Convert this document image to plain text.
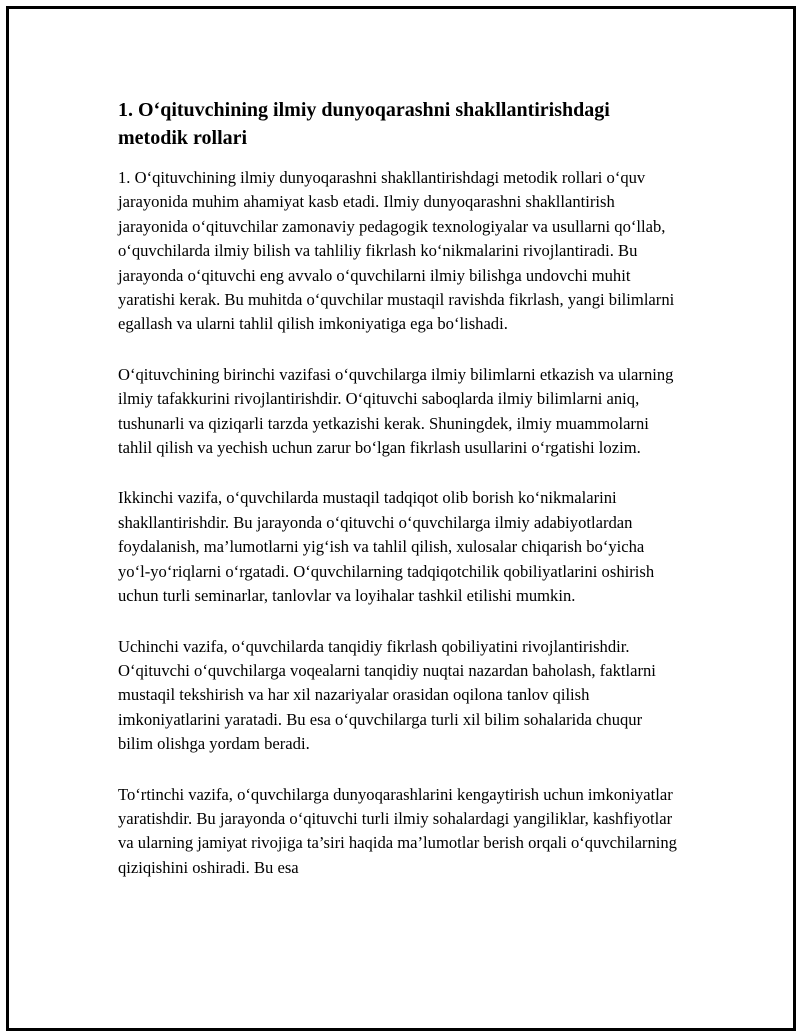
1. O‘qituvchining ilmiy dunyoqarashni shakllantirishdagi metodik rollari

1. O‘qituvchining ilmiy dunyoqarashni shakllantirishdagi metodik rollari o‘quv jarayonida muhim ahamiyat kasb etadi. Ilmiy dunyoqarashni shakllantirish jarayonida o‘qituvchilar zamonaviy pedagogik texnologiyalar va usullarni qo‘llab, o‘quvchilarda ilmiy bilish va tahliliy fikrlash ko‘nikmalarini rivojlantiradi. Bu jarayonda o‘qituvchi eng avvalo o‘quvchilarni ilmiy bilishga undovchi muhit yaratishi kerak. Bu muhitda o‘quvchilar mustaqil ravishda fikrlash, yangi bilimlarni egallash va ularni tahlil qilish imkoniyatiga ega bo‘lishadi.

O‘qituvchining birinchi vazifasi o‘quvchilarga ilmiy bilimlarni etkazish va ularning ilmiy tafakkurini rivojlantirishdir. O‘qituvchi saboqlarda ilmiy bilimlarni aniq, tushunarli va qiziqarli tarzda yetkazishi kerak. Shuningdek, ilmiy muammolarni tahlil qilish va yechish uchun zarur bo‘lgan fikrlash usullarini o‘rgatishi lozim.

Ikkinchi vazifa, o‘quvchilarda mustaqil tadqiqot olib borish ko‘nikmalarini shakllantirishdir. Bu jarayonda o‘qituvchi o‘quvchilarga ilmiy adabiyotlardan foydalanish, ma’lumotlarni yig‘ish va tahlil qilish, xulosalar chiqarish bo‘yicha yo‘l-yo‘riqlarni o‘rgatadi. O‘quvchilarning tadqiqotchilik qobiliyatlarini oshirish uchun turli seminarlar, tanlovlar va loyihalar tashkil etilishi mumkin.

Uchinchi vazifa, o‘quvchilarda tanqidiy fikrlash qobiliyatini rivojlantirishdir. O‘qituvchi o‘quvchilarga voqealarni tanqidiy nuqtai nazardan baholash, faktlarni mustaqil tekshirish va har xil nazariyalar orasidan oqilona tanlov qilish imkoniyatlarini yaratadi. Bu esa o‘quvchilarga turli xil bilim sohalarida chuqur bilim olishga yordam beradi.

To‘rtinchi vazifa, o‘quvchilarga dunyoqarashlarini kengaytirish uchun imkoniyatlar yaratishdir. Bu jarayonda o‘qituvchi turli ilmiy sohalardagi yangiliklar, kashfiyotlar va ularning jamiyat rivojiga ta’siri haqida ma’lumotlar berish orqali o‘quvchilarning qiziqishini oshiradi. Bu esa
